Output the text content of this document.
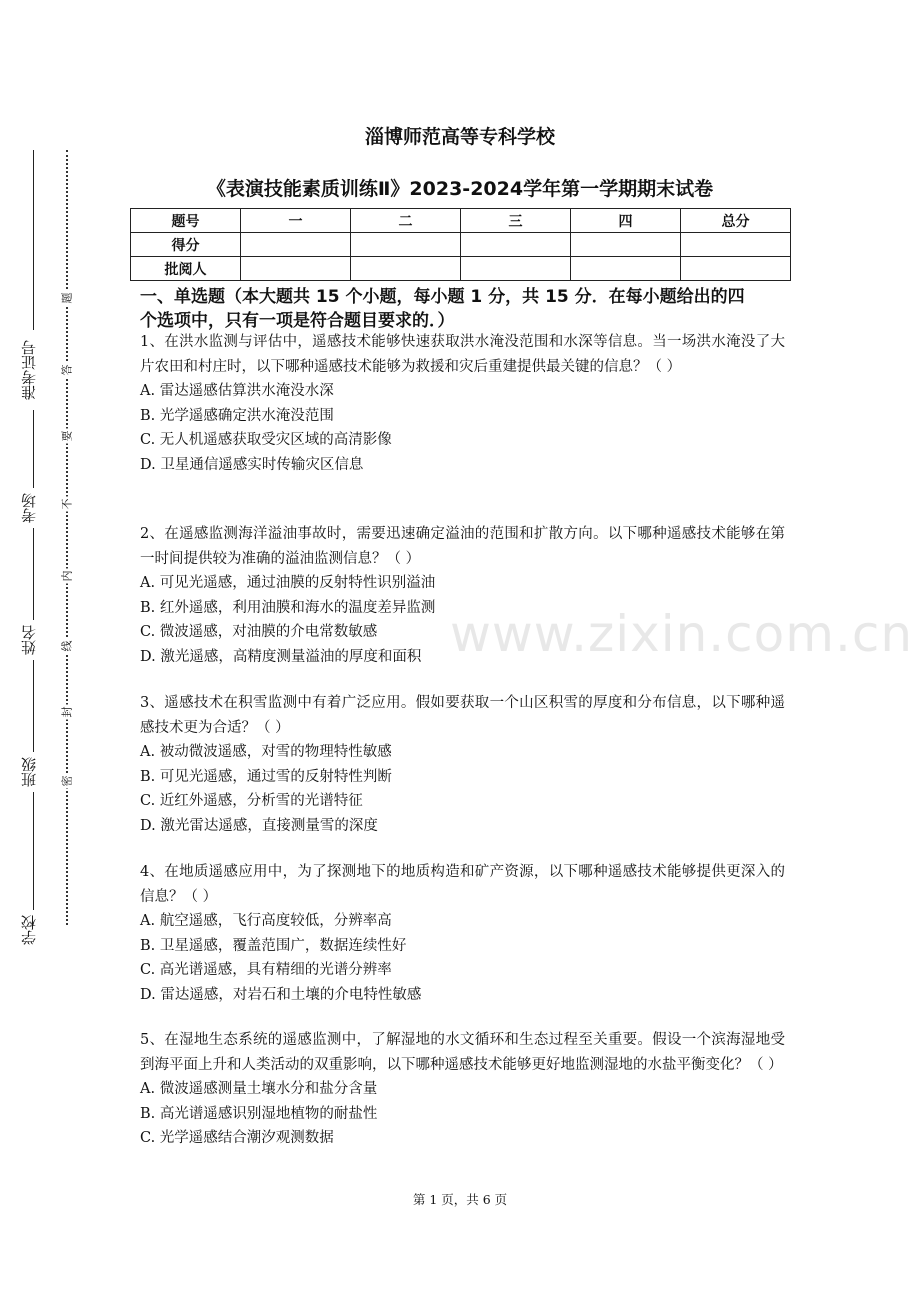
www.zixin.com.cn
准考证号
考场
姓名
班级
学校
题
答
要
不
内
线
封
密
淄博师范高等专科学校
《表演技能素质训练Ⅱ》2023-2024学年第一学期期末试卷
题号	一	二	三	四	总分
得分					
批阅人					
一、单选题（本大题共 15 个小题，每小题 1 分，共 15 分．在每小题给出的四
个选项中，只有一项是符合题目要求的．）
1、在洪水监测与评估中，遥感技术能够快速获取洪水淹没范围和水深等信息。当一场洪水淹没了大片农田和村庄时，以下哪种遥感技术能够为救援和灾后重建提供最关键的信息？（ ）
A. 雷达遥感估算洪水淹没水深
B. 光学遥感确定洪水淹没范围
C. 无人机遥感获取受灾区域的高清影像
D. 卫星通信遥感实时传输灾区信息
2、在遥感监测海洋溢油事故时，需要迅速确定溢油的范围和扩散方向。以下哪种遥感技术能够在第一时间提供较为准确的溢油监测信息？（ ）
A. 可见光遥感，通过油膜的反射特性识别溢油
B. 红外遥感，利用油膜和海水的温度差异监测
C. 微波遥感，对油膜的介电常数敏感
D. 激光遥感，高精度测量溢油的厚度和面积
3、遥感技术在积雪监测中有着广泛应用。假如要获取一个山区积雪的厚度和分布信息，以下哪种遥感技术更为合适？（ ）
A. 被动微波遥感，对雪的物理特性敏感
B. 可见光遥感，通过雪的反射特性判断
C. 近红外遥感，分析雪的光谱特征
D. 激光雷达遥感，直接测量雪的深度
4、在地质遥感应用中，为了探测地下的地质构造和矿产资源，以下哪种遥感技术能够提供更深入的信息？（ ）
A. 航空遥感，飞行高度较低，分辨率高
B. 卫星遥感，覆盖范围广，数据连续性好
C. 高光谱遥感，具有精细的光谱分辨率
D. 雷达遥感，对岩石和土壤的介电特性敏感
5、在湿地生态系统的遥感监测中，了解湿地的水文循环和生态过程至关重要。假设一个滨海湿地受到海平面上升和人类活动的双重影响，以下哪种遥感技术能够更好地监测湿地的水盐平衡变化？（ ）
A. 微波遥感测量土壤水分和盐分含量
B. 高光谱遥感识别湿地植物的耐盐性
C. 光学遥感结合潮汐观测数据
第 1 页，共 6 页
